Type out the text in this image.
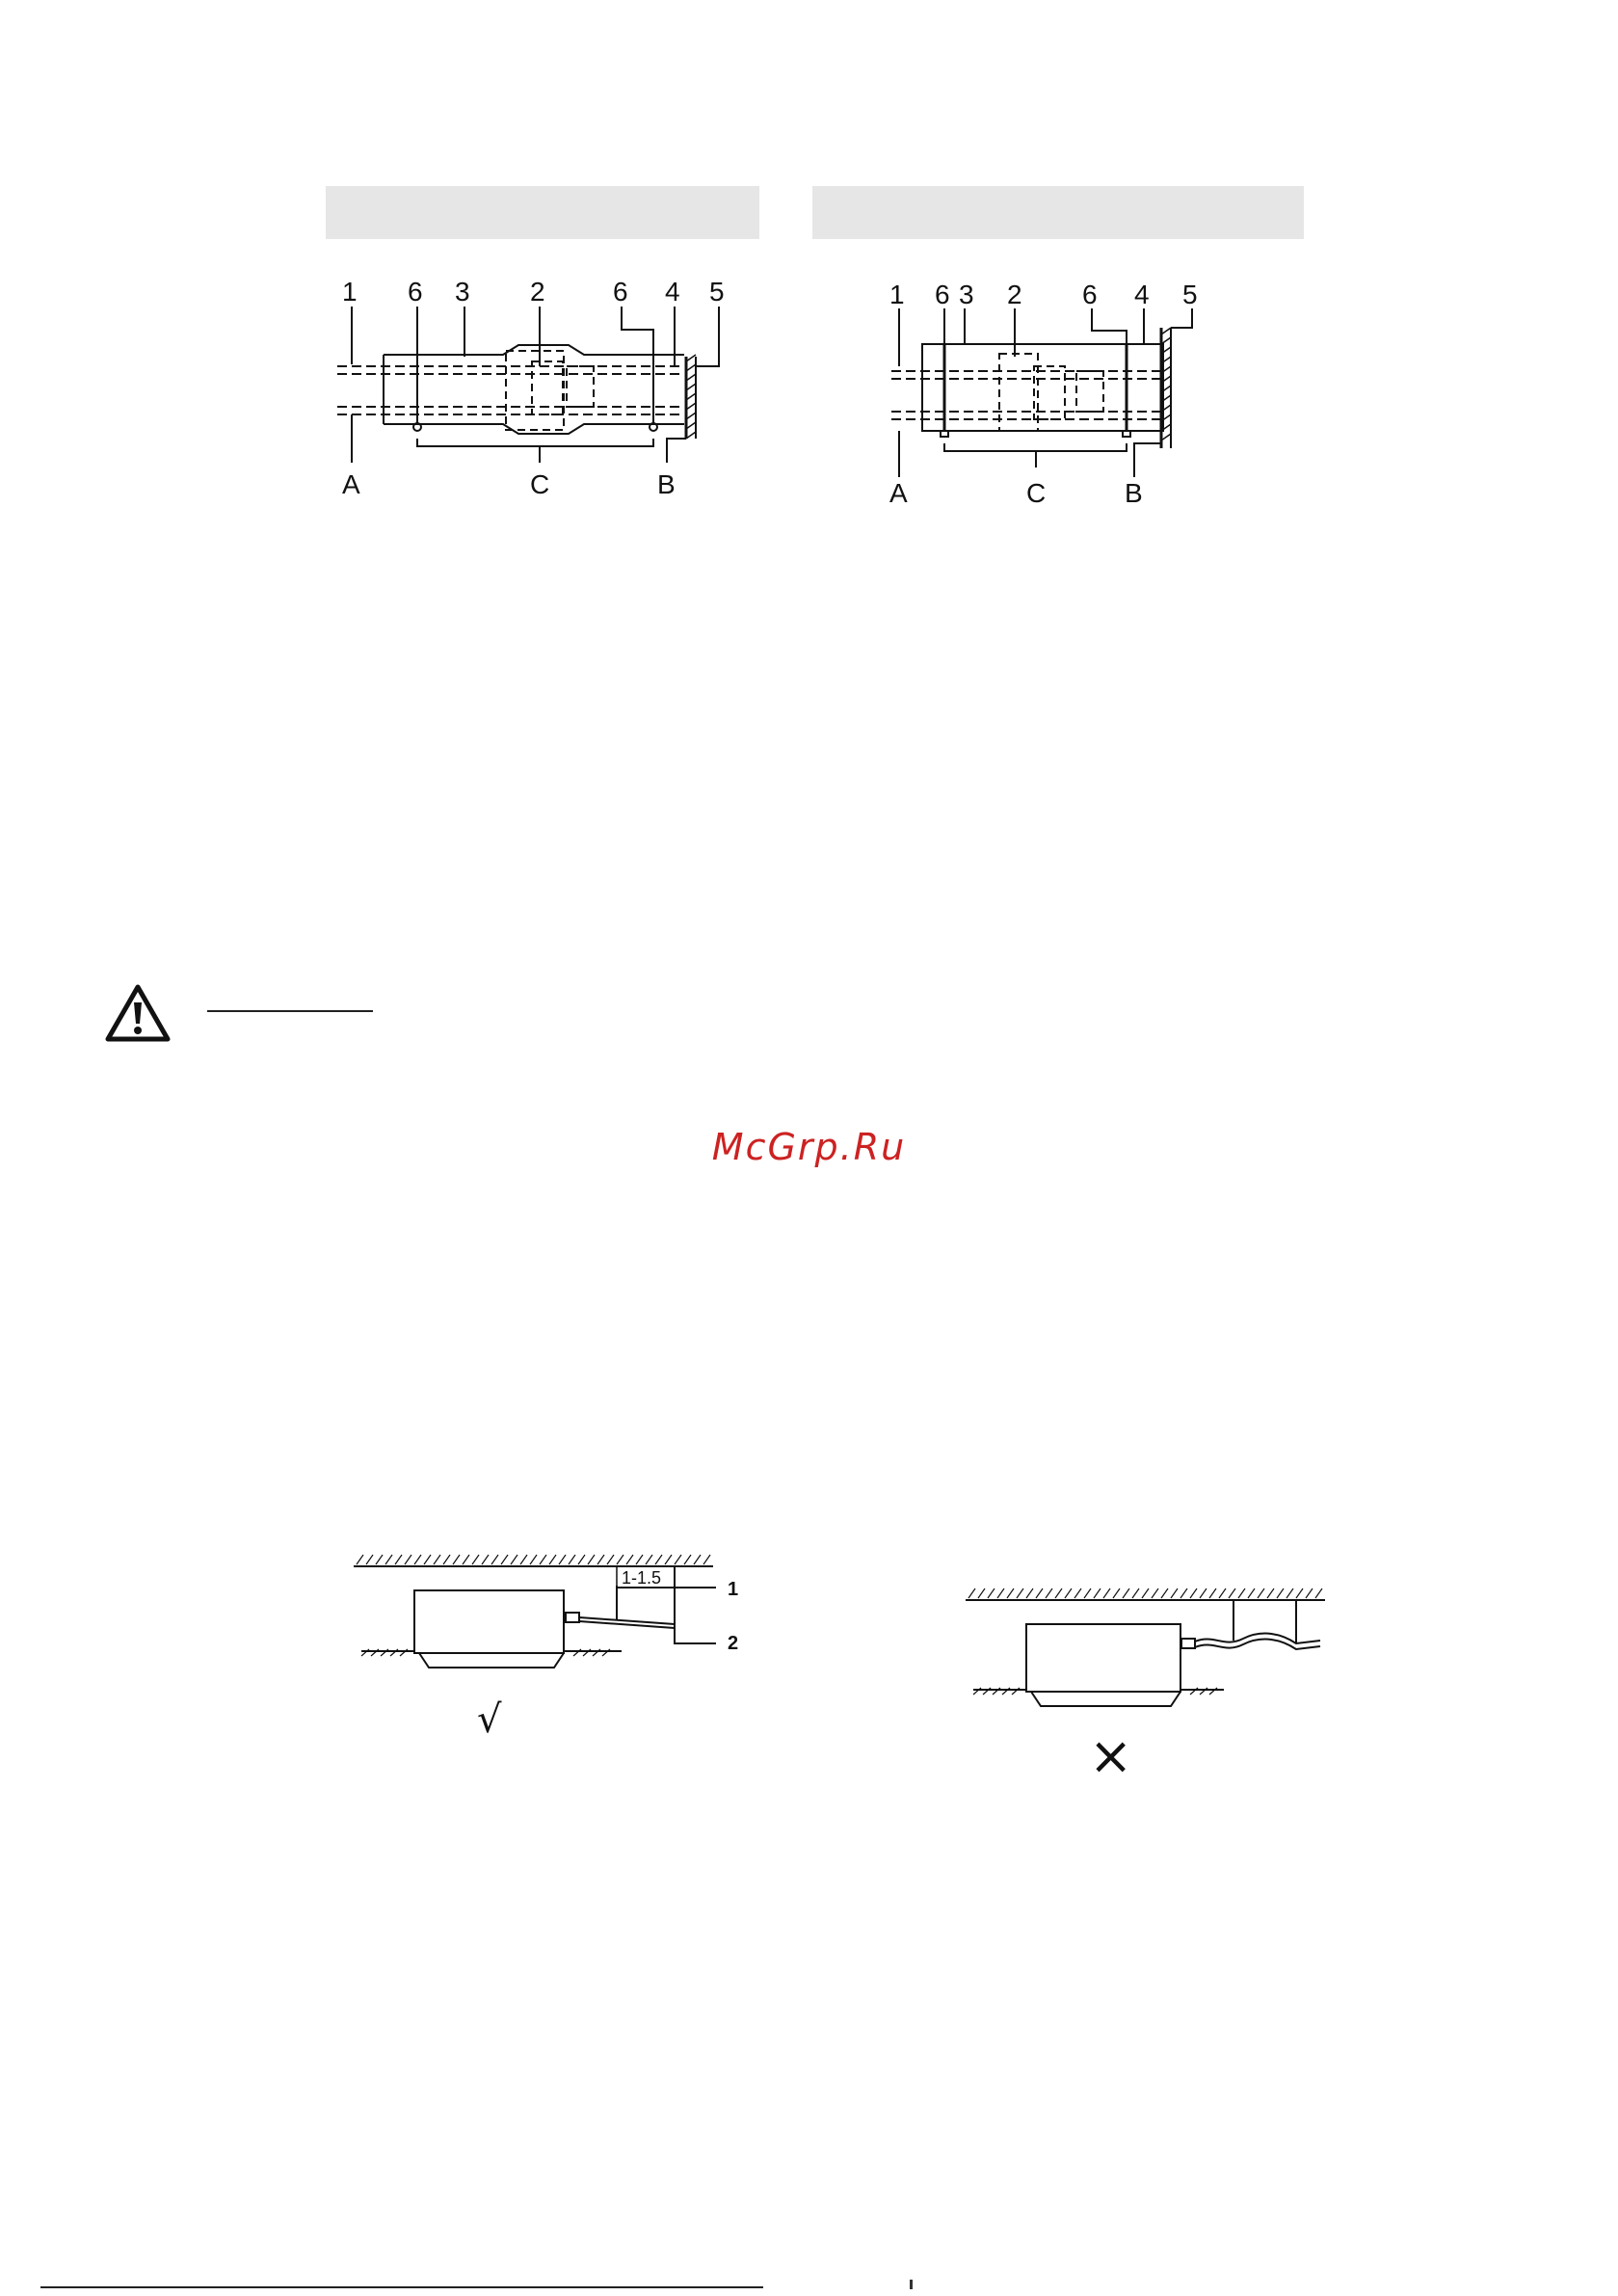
1 6 3 2	6 4 5
A	C	B
1 6 3 2 6 4 5
A	C	B
McGrp.Ru
1-1.5
1
2
√
×
